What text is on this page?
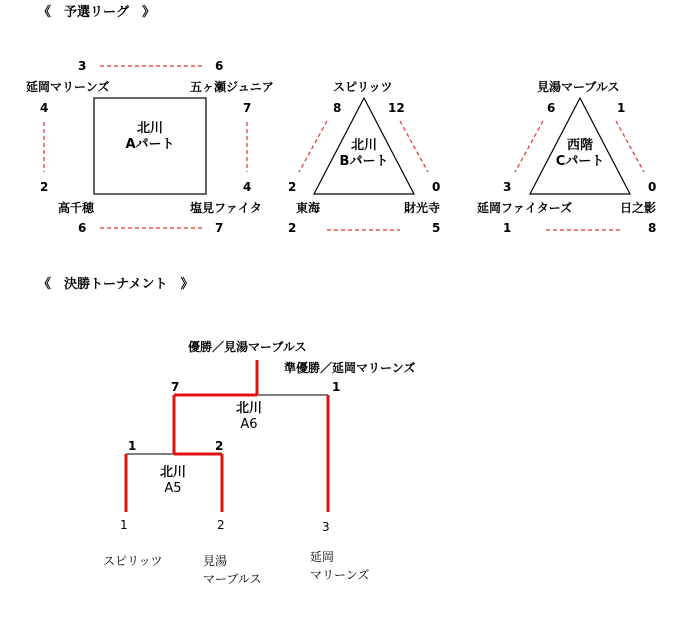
《　予選リーグ　》
《　決勝トーナメント　》
北川
Aパート
延岡マリーンズ	五ヶ瀬ジュニア
高千穂	塩見ファイタ
3	6
4
2
7
4
6	7
北川
Bパート
スピリッツ
東海	財光寺
8	12
2	0
2	5
西階
Cパート
見湯マーブルス
延岡ファイターズ	日之影
6	1
3	0
1	8
優勝／見湯マーブルス
準優勝／延岡マリーンズ
7	1
北川
A6
1	2
北川
A5
1	2	3
スピリッツ	見湯
マーブルス
延岡
マリーンズ
